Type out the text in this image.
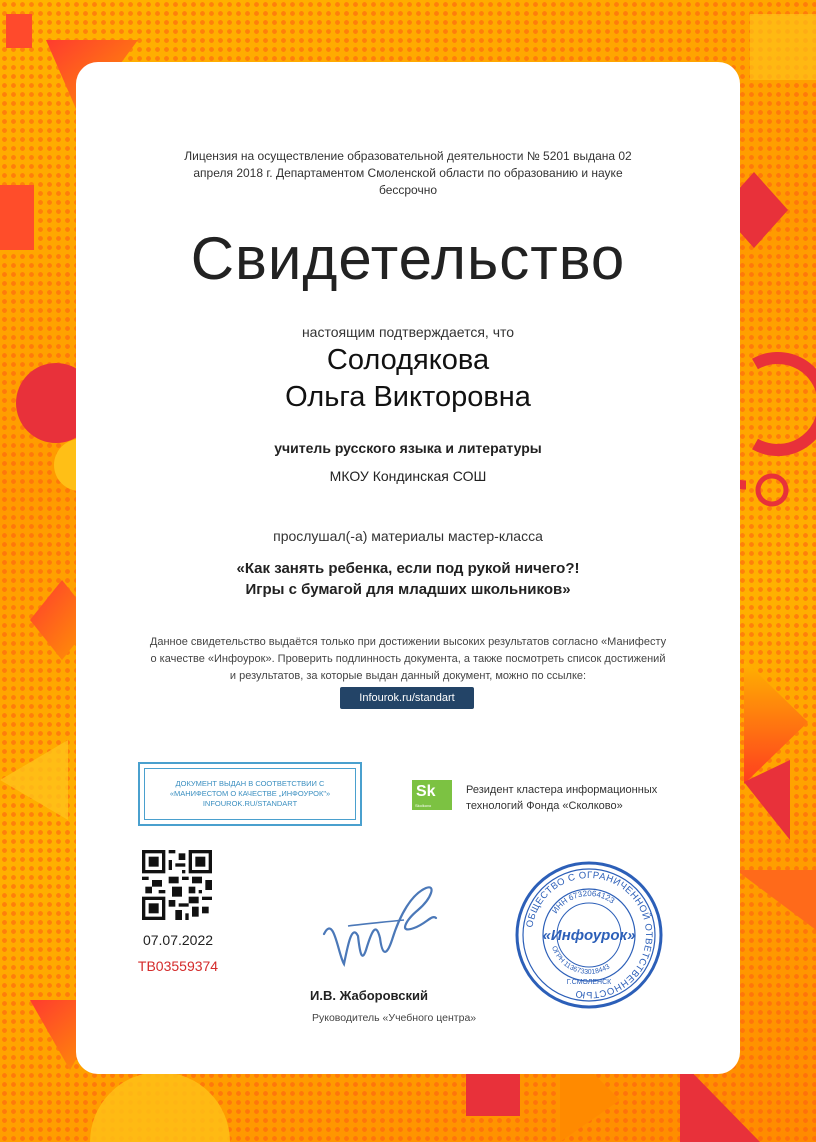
Лицензия на осуществление образовательной деятельности № 5201 выдана 02 апреля 2018 г. Департаментом Смоленской области по образованию и науке бессрочно
Свидетельство
настоящим подтверждается, что
Солодякова
Ольга Викторовна
учитель русского языка и литературы
МКОУ Кондинская СОШ
прослушал(-а) материалы мастер-класса
«Как занять ребенка, если под рукой ничего?!
Игры с бумагой для младших школьников»
Данное свидетельство выдаётся только при достижении высоких результатов согласно «Манифесту о качестве «Инфоурок». Проверить подлинность документа, а также посмотреть список достижений и результатов, за которые выдан данный документ, можно по ссылке:
Infourok.ru/standart
ДОКУМЕНТ ВЫДАН В СООТВЕТСТВИИ С
«МАНИФЕСТОМ О КАЧЕСТВЕ „ИНФОУРОК"»
INFOUROK.RU/STANDART
Sk
Skolkovo
Резидент кластера информационных
технологий Фонда «Сколково»
07.07.2022
ТВ03559374
И.В. Жаборовский
Руководитель «Учебного центра»
ОБЩЕСТВО С ОГРАНИЧЕННОЙ ОТВЕТСТВЕННОСТЬЮ
ИНН 6732064123
ОГРН 1136733018443
«Инфоурок»
Г.СМОЛЕНСК
